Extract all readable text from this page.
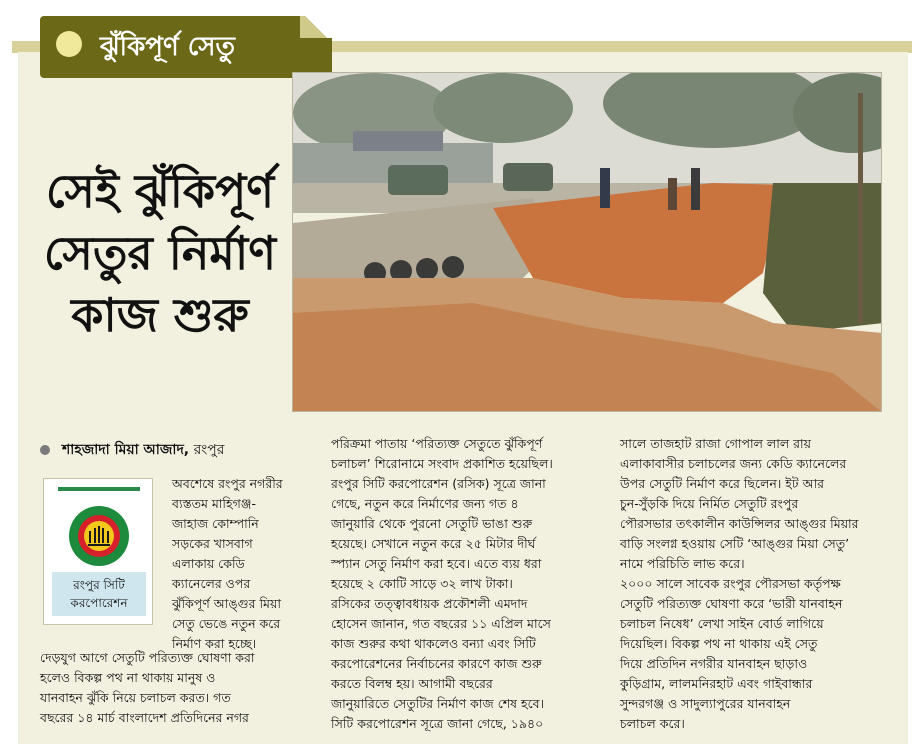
ঝুঁকিপূর্ণ সেতু
সেই ঝুঁকিপূর্ণ
সেতুর নির্মাণ
কাজ শুরু
শাহজাদা মিয়া আজাদ, রংপুর
রংপুর সিটি
করপোরেশন

অবশেষে রংপুর নগরীর

ব্যস্ততম মাহিগঞ্জ-

জাহাজ কোম্পানি

সড়কের খাসবাগ

এলাকায় কেডি

ক্যানেলের ওপর

ঝুঁকিপূর্ণ আঙ্গুর মিয়া

সেতু ভেঙে নতুন করে

নির্মাণ করা হচ্ছে।

দেড়যুগ আগে সেতুটি পরিত্যক্ত ঘোষণা করা

হলেও বিকল্প পথ না থাকায় মানুষ ও

যানবাহন ঝুঁকি নিয়ে চলাচল করত। গত

বছরের ১৪ মার্চ বাংলাদেশ প্রতিদিনের নগর

পরিক্রমা পাতায় ‘পরিত্যক্ত সেতুতে ঝুঁকিপূর্ণ

চলাচল’ শিরোনামে সংবাদ প্রকাশিত হয়েছিল।

রংপুর সিটি করপোরেশন (রসিক) সূত্রে জানা

গেছে, নতুন করে নির্মাণের জন্য গত ৪

জানুয়ারি থেকে পুরনো সেতুটি ভাঙা শুরু

হয়েছে। সেখানে নতুন করে ২৫ মিটার দীর্ঘ

স্প্যান সেতু নির্মাণ করা হবে। এতে ব্যয় ধরা

হয়েছে ২ কোটি সাড়ে ৩২ লাখ টাকা।

রসিকের তত্ত্বাবধায়ক প্রকৌশলী এমদাদ

হোসেন জানান, গত বছরের ১১ এপ্রিল মাসে

কাজ শুরুর কথা থাকলেও বন্যা এবং সিটি

করপোরেশনের নির্বাচনের কারণে কাজ শুরু

করতে বিলম্ব হয়। আগামী বছরের

জানুয়ারিতে সেতুটির নির্মাণ কাজ শেষ হবে।

সিটি করপোরেশন সূত্রে জানা গেছে, ১৯৪০

সালে তাজহাট রাজা গোপাল লাল রায়

এলাকাবাসীর চলাচলের জন্য কেডি ক্যানেলের

উপর সেতুটি নির্মাণ করে ছিলেন। ইট আর

চুন-সুঁড়কি দিয়ে নির্মিত সেতুটি রংপুর

পৌরসভার তৎকালীন কাউন্সিলর আঙ্গুর মিয়ার

বাড়ি সংলগ্ন হওয়ায় সেটি ‘আঙ্গুর মিয়া সেতু’

নামে পরিচিতি লাভ করে।

২০০০ সালে সাবেক রংপুর পৌরসভা কর্তৃপক্ষ

সেতুটি পরিত্যক্ত ঘোষণা করে ‘ভারী যানবাহন

চলাচল নিষেধ’ লেখা সাইন বোর্ড লাগিয়ে

দিয়েছিল। বিকল্প পথ না থাকায় এই সেতু

দিয়ে প্রতিদিন নগরীর যানবাহন ছাড়াও

কুড়িগ্রাম, লালমনিরহাট এবং গাইবান্ধার

সুন্দরগঞ্জ ও সাদুল্যাপুরের যানবাহন

চলাচল করে।
